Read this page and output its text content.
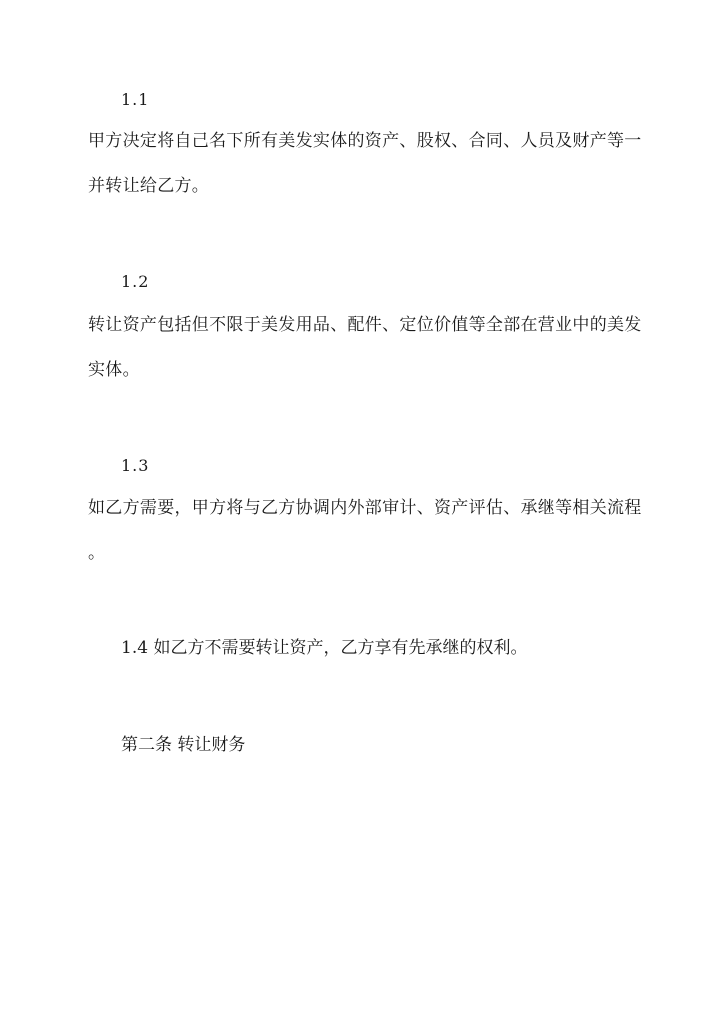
1.1
甲方决定将自己名下所有美发实体的资产、股权、合同、人员及财产等一
并转让给乙方。
1.2
转让资产包括但不限于美发用品、配件、定位价值等全部在营业中的美发
实体。
1.3
如乙方需要，甲方将与乙方协调内外部审计、资产评估、承继等相关流程
。
1.4 如乙方不需要转让资产，乙方享有先承继的权利。
第二条 转让财务
